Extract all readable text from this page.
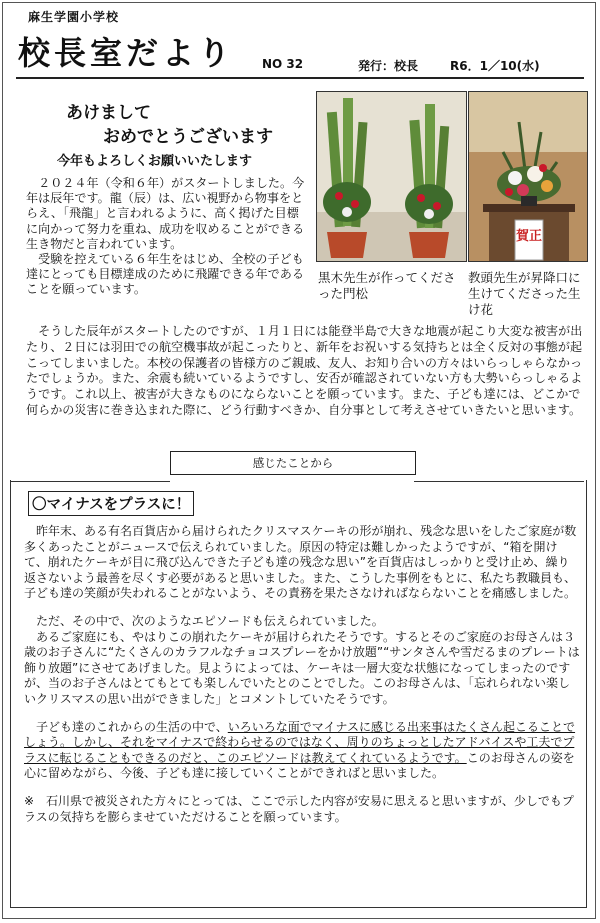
麻生学園小学校
校長室だより NO 32	発行：校長	R6．1／10(水)
あけまして
おめでとうございます
今年もよろしくお願いいたします

　２０２４年（令和６年）がスタートしました。今年は辰年です。龍（辰）は、広い視野から物事をとらえ、「飛龍」と言われるように、高く掲げた目標に向かって努力を重ね、成功を収めることができる生き物だと言われています。

　受験を控えている６年生をはじめ、全校の子ども達にとっても目標達成のために飛躍できる年であることを願っています。

賀正

黒木先生が作ってくださった門松

教頭先生が昇降口に生けてくださった生け花

　そうした辰年がスタートしたのですが、１月１日には能登半島で大きな地震が起こり大変な被害が出たり、２日には羽田での航空機事故が起こったりと、新年をお祝いする気持ちとは全く反対の事態が起こってしまいました。本校の保護者の皆様方のご親戚、友人、お知り合いの方々はいらっしゃらなかったでしょうか。また、余震も続いているようですし、安否が確認されていない方も大勢いらっしゃるようです。これ以上、被害が大きなものにならないことを願っています。また、子ども達には、どこかで何らかの災害に巻き込まれた際に、どう行動すべきか、自分事として考えさせていきたいと思います。

感じたことから
〇マイナスをプラスに！

　昨年末、ある有名百貨店から届けられたクリスマスケーキの形が崩れ、残念な思いをしたご家庭が数多くあったことがニュースで伝えられていました。原因の特定は難しかったようですが、“箱を開けて、崩れたケーキが目に飛び込んできた子ども達の残念な思い”を百貨店はしっかりと受け止め、繰り返さないよう最善を尽くす必要があると思いました。また、こうした事例をもとに、私たち教職員も、子ども達の笑顔が失われることがないよう、その責務を果たさなければならないことを痛感しました。

　ただ、その中で、次のようなエピソードも伝えられていました。

　あるご家庭にも、やはりこの崩れたケーキが届けられたそうです。するとそのご家庭のお母さんは３歳のお子さんに“たくさんのカラフルなチョコスプレーをかけ放題”“サンタさんや雪だるまのプレートは飾り放題”にさせてあげました。見ようによっては、ケーキは一層大変な状態になってしまったのですが、当のお子さんはとてもとても楽しんでいたとのことでした。このお母さんは、「忘れられない楽しいクリスマスの思い出ができました」とコメントしていたそうです。

　子ども達のこれからの生活の中で、いろいろな面でマイナスに感じる出来事はたくさん起こることでしょう。しかし、それをマイナスで終わらせるのではなく、周りのちょっとしたアドバイスや工夫でプラスに転じることもできるのだと、このエピソードは教えてくれているようです。このお母さんの姿を心に留めながら、今後、子ども達に接していくことができればと思いました。

※　石川県で被災された方々にとっては、ここで示した内容が安易に思えると思いますが、少しでもプラスの気持ちを膨らませていただけることを願っています。
